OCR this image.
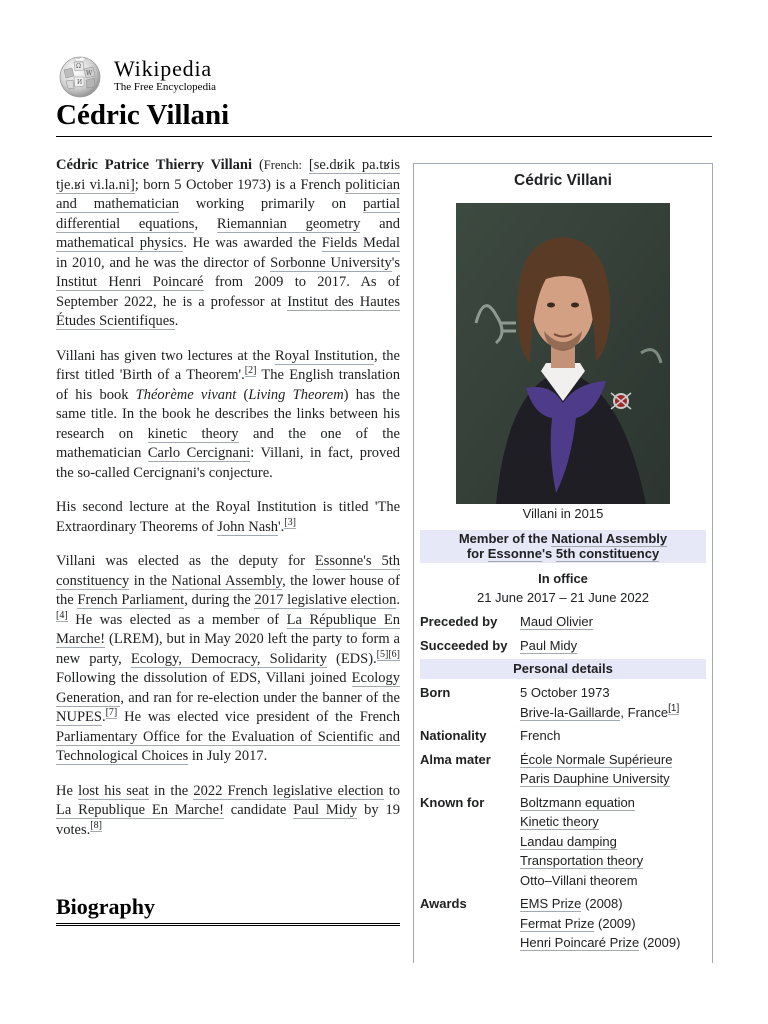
Ω
W
И
Wikipedia
The Free Encyclopedia
Cédric Villani

Cédric Patrice Thierry Villani (French: [se.dʁik pa.tʁis tje.ʁi vi.la.ni]; born 5 October 1973) is a French politician and mathematician working primarily on partial differential equations, Riemannian geometry and mathematical physics. He was awarded the Fields Medal in 2010, and he was the director of Sorbonne University's Institut Henri Poincaré from 2009 to 2017. As of September 2022, he is a professor at Institut des Hautes Études Scientifiques.

Villani has given two lectures at the Royal Institution, the first titled 'Birth of a Theorem'.[2] The English translation of his book Théorème vivant (Living Theorem) has the same title. In the book he describes the links between his research on kinetic theory and the one of the mathematician Carlo Cercignani: Villani, in fact, proved the so-called Cercignani's conjecture.

His second lecture at the Royal Institution is titled 'The Extraordinary Theorems of John Nash'.[3]

Villani was elected as the deputy for Essonne's 5th constituency in the National Assembly, the lower house of the French Parliament, during the 2017 legislative election.[4] He was elected as a member of La République En Marche! (LREM), but in May 2020 left the party to form a new party, Ecology, Democracy, Solidarity (EDS).[5][6] Following the dissolution of EDS, Villani joined Ecology Generation, and ran for re-election under the banner of the NUPES.[7] He was elected vice president of the French Parliamentary Office for the Evaluation of Scientific and Technological Choices in July 2017.

He lost his seat in the 2022 French legislative election to La Republique En Marche! candidate Paul Midy by 19 votes.[8]

Biography
Cédric Villani
Villani in 2015
Member of the National Assembly
for Essonne's 5th constituency
In office
21 June 2017 – 21 June 2022
Preceded by	Maud Olivier
Succeeded by Paul Midy
Personal details
Born	5 October 1973
Brive-la-Gaillarde, France[1]
Nationality	French
Alma mater	École Normale Supérieure
Paris Dauphine University
Known for	Boltzmann equation
Kinetic theory
Landau damping
Transportation theory
Otto–Villani theorem
Awards	EMS Prize (2008)
Fermat Prize (2009)
Henri Poincaré Prize (2009)
